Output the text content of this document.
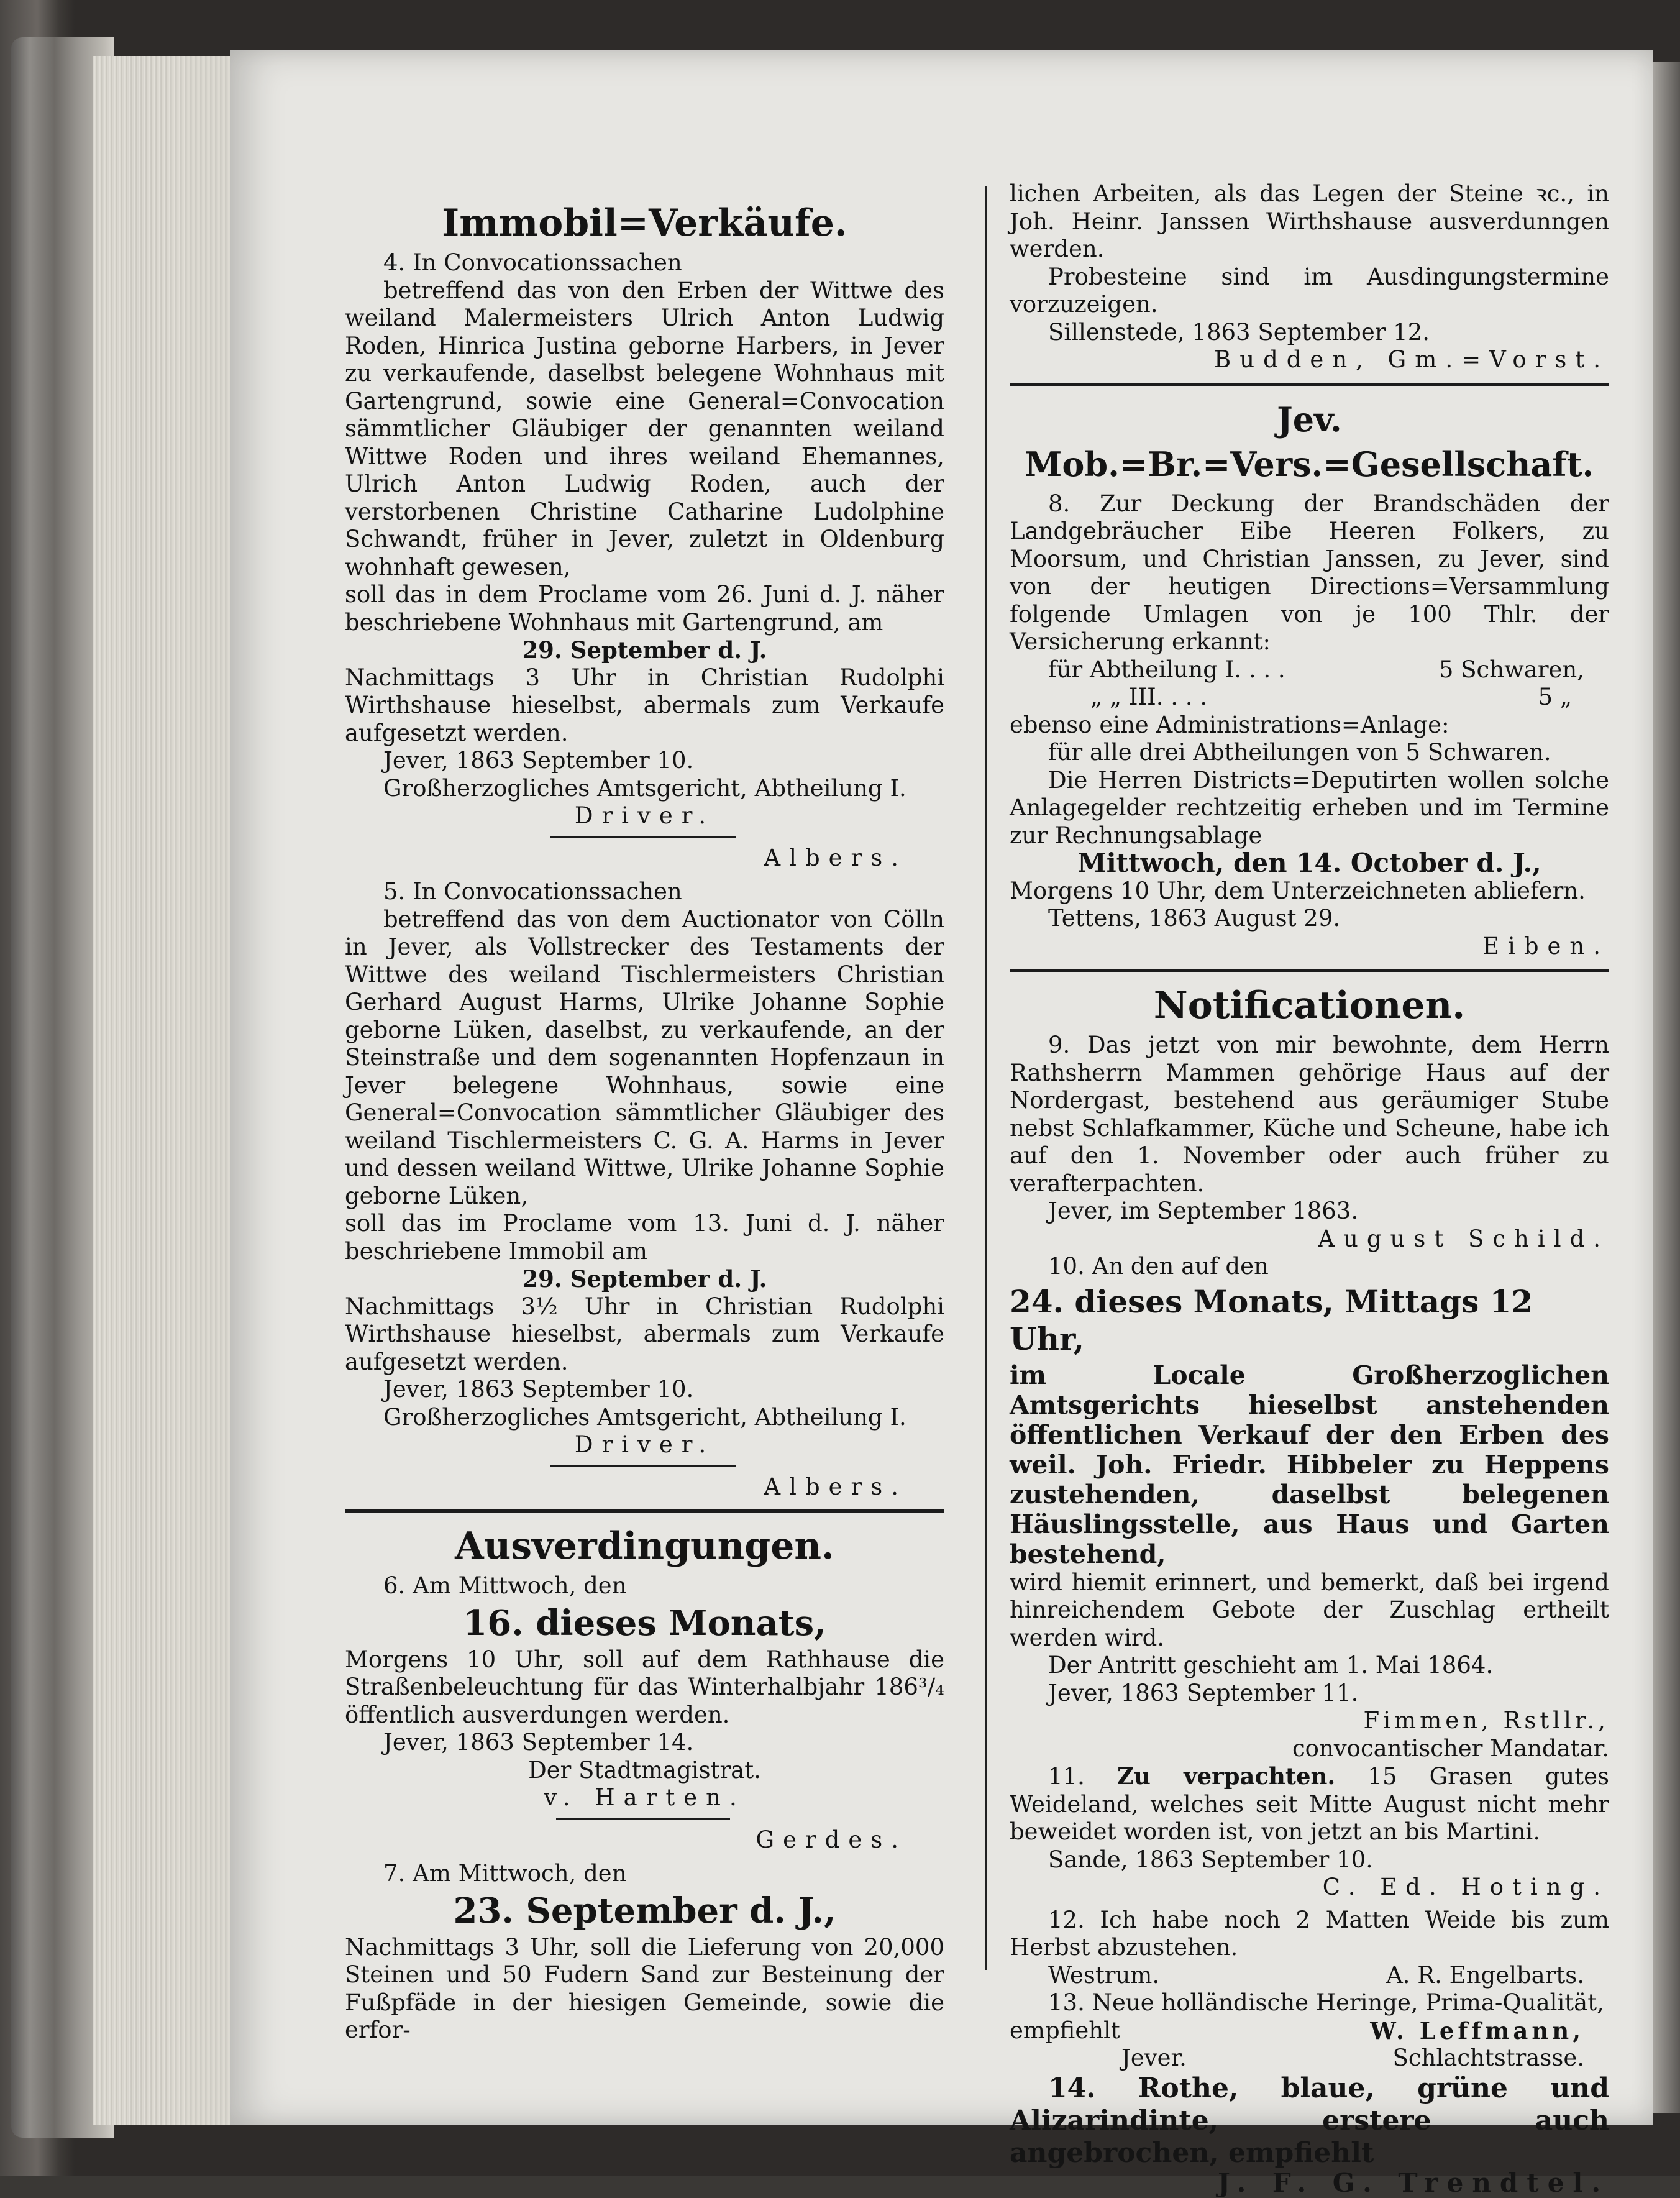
Immobil=Verkäufe.

4. In Convocationssachen

betreffend das von den Erben der Wittwe des weiland Malermeisters Ulrich Anton Ludwig Roden, Hinrica Justina geborne Harbers, in Jever zu verkaufende, daselbst belegene Wohnhaus mit Gartengrund, sowie eine General=Convocation sämmtlicher Gläubiger der genannten weiland Wittwe Roden und ihres weiland Ehemannes, Ulrich Anton Ludwig Roden, auch der verstorbenen Christine Catharine Ludolphine Schwandt, früher in Jever, zuletzt in Oldenburg wohnhaft gewesen,

soll das in dem Proclame vom 26. Juni d. J. näher beschriebene Wohnhaus mit Gartengrund, am

29. September d. J.

Nachmittags 3 Uhr in Christian Rudolphi Wirthshause hieselbst, abermals zum Verkaufe aufgesetzt werden.

Jever, 1863 September 10.

Großherzogliches Amtsgericht, Abtheilung I.

Driver.

Albers.

5. In Convocationssachen

betreffend das von dem Auctionator von Cölln in Jever, als Vollstrecker des Testaments der Wittwe des weiland Tischlermeisters Christian Gerhard August Harms, Ulrike Johanne Sophie geborne Lüken, daselbst, zu verkaufende, an der Steinstraße und dem sogenannten Hopfenzaun in Jever belegene Wohnhaus, sowie eine General=Convocation sämmtlicher Gläubiger des weiland Tischlermeisters C. G. A. Harms in Jever und dessen weiland Wittwe, Ulrike Johanne Sophie geborne Lüken,

soll das im Proclame vom 13. Juni d. J. näher beschriebene Immobil am

29. September d. J.

Nachmittags 3½ Uhr in Christian Rudolphi Wirthshause hieselbst, abermals zum Verkaufe aufgesetzt werden.

Jever, 1863 September 10.

Großherzogliches Amtsgericht, Abtheilung I.

Driver.

Albers.

Ausverdingungen.

6. Am Mittwoch, den

16. dieses Monats,

Morgens 10 Uhr, soll auf dem Rathhause die Straßenbeleuchtung für das Winterhalbjahr 186³/₄ öffentlich ausverdungen werden.

Jever, 1863 September 14.

Der Stadtmagistrat.

v. Harten.

Gerdes.

7. Am Mittwoch, den

23. September d. J.,

Nachmittags 3 Uhr, soll die Lieferung von 20,000 Steinen und 50 Fudern Sand zur Besteinung der Fußpfäde in der hiesigen Gemeinde, sowie die erfor-

lichen Arbeiten, als das Legen der Steine ꝛc., in Joh. Heinr. Janssen Wirthshause ausverdunngen werden.

Probesteine sind im Ausdingungstermine vorzuzeigen.

Sillenstede, 1863 September 12.

Budden, Gm.=Vorst.

Jev. Mob.=Br.=Vers.=Gesellschaft.

8. Zur Deckung der Brandschäden der Landgebräucher Eibe Heeren Folkers, zu Moorsum, und Christian Janssen, zu Jever, sind von der heutigen Directions=Versammlung folgende Umlagen von je 100 Thlr. der Versicherung erkannt:

für Abtheilung I. . . .	5 Schwaren,
„ „ III. . . .	5 „

ebenso eine Administrations=Anlage:

für alle drei Abtheilungen von 5 Schwaren.

Die Herren Districts=Deputirten wollen solche Anlagegelder rechtzeitig erheben und im Termine zur Rechnungsablage

Mittwoch, den 14. October d. J.,

Morgens 10 Uhr, dem Unterzeichneten abliefern.

Tettens, 1863 August 29.

Eiben.

Notificationen.

9. Das jetzt von mir bewohnte, dem Herrn Rathsherrn Mammen gehörige Haus auf der Nordergast, bestehend aus geräumiger Stube nebst Schlafkammer, Küche und Scheune, habe ich auf den 1. November oder auch früher zu verafterpachten.

Jever, im September 1863.

August Schild.

10. An den auf den

24. dieses Monats, Mittags 12 Uhr,

im Locale Großherzoglichen Amtsgerichts hieselbst anstehenden öffentlichen Verkauf der den Erben des weil. Joh. Friedr. Hibbeler zu Heppens zustehenden, daselbst belegenen Häuslingsstelle, aus Haus und Garten bestehend,

wird hiemit erinnert, und bemerkt, daß bei irgend hinreichendem Gebote der Zuschlag ertheilt werden wird.

Der Antritt geschieht am 1. Mai 1864.

Jever, 1863 September 11.

Fimmen, Rstllr.,

convocantischer Mandatar.

11. Zu verpachten. 15 Grasen gutes Weideland, welches seit Mitte August nicht mehr beweidet worden ist, von jetzt an bis Martini.

Sande, 1863 September 10.

C. Ed. Hoting.

12. Ich habe noch 2 Matten Weide bis zum Herbst abzustehen.

Westrum.	A. R. Engelbarts.

13. Neue holländische Heringe, Prima-Qualität,

empfiehlt	W. Leffmann,
Jever.	Schlachtstrasse.

14. Rothe, blaue, grüne und Alizarindinte, erstere auch angebrochen, empfiehlt

J. F. G. Trendtel.
